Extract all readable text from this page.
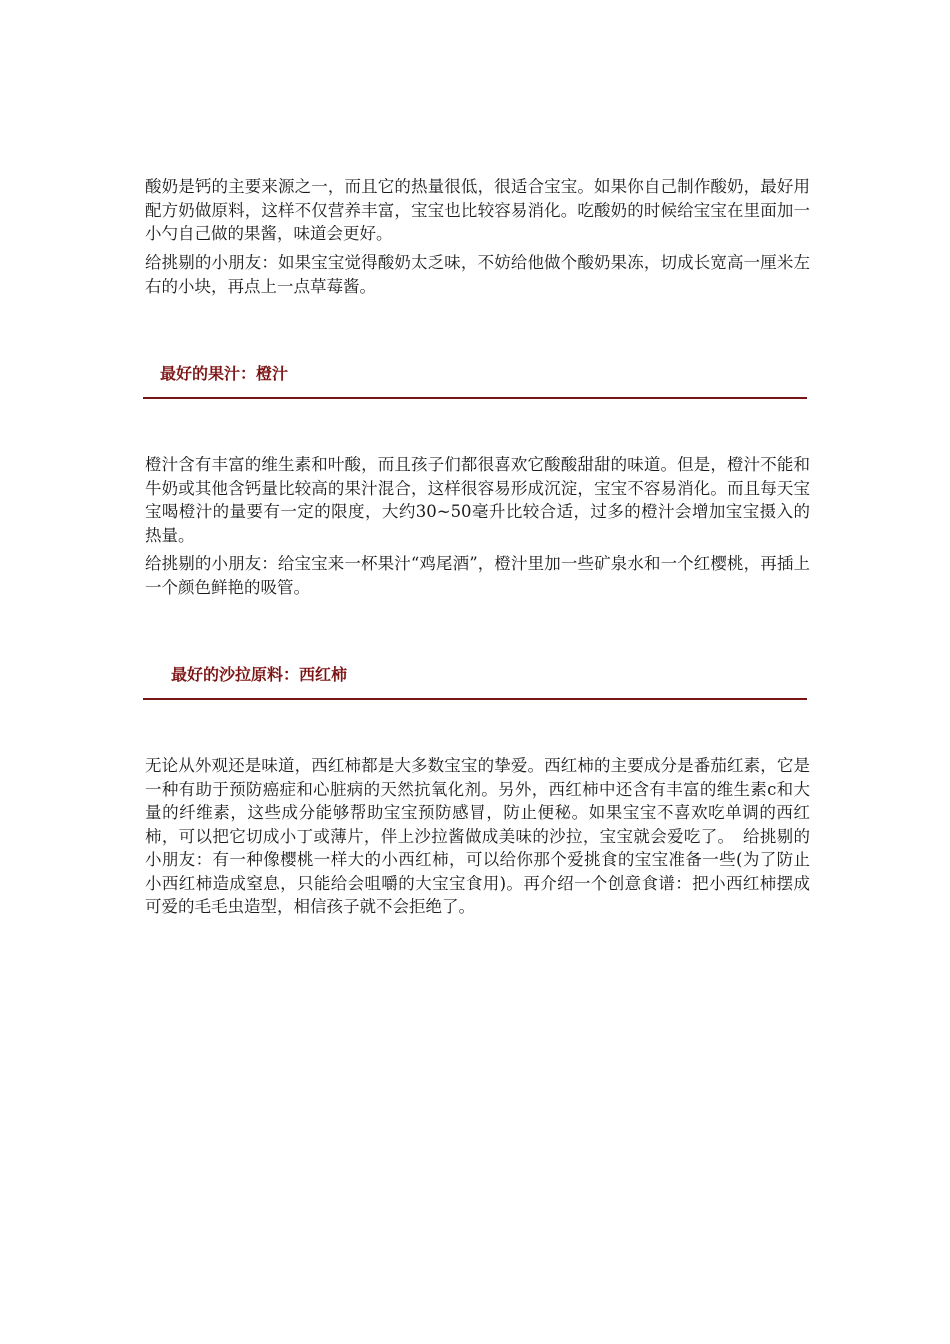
酸奶是钙的主要来源之一，而且它的热量很低，很适合宝宝。如果你自己制作酸奶，最好用配方奶做原料，这样不仅营养丰富，宝宝也比较容易消化。吃酸奶的时候给宝宝在里面加一小勺自己做的果酱，味道会更好。

给挑剔的小朋友：如果宝宝觉得酸奶太乏味，不妨给他做个酸奶果冻，切成长宽高一厘米左右的小块，再点上一点草莓酱。

最好的果汁：橙汁

橙汁含有丰富的维生素和叶酸，而且孩子们都很喜欢它酸酸甜甜的味道。但是，橙汁不能和牛奶或其他含钙量比较高的果汁混合，这样很容易形成沉淀，宝宝不容易消化。而且每天宝宝喝橙汁的量要有一定的限度，大约30~50毫升比较合适，过多的橙汁会增加宝宝摄入的热量。

给挑剔的小朋友：给宝宝来一杯果汁“鸡尾酒”，橙汁里加一些矿泉水和一个红樱桃，再插上一个颜色鲜艳的吸管。

最好的沙拉原料：西红柿

无论从外观还是味道，西红柿都是大多数宝宝的挚爱。西红柿的主要成分是番茄红素，它是一种有助于预防癌症和心脏病的天然抗氧化剂。另外，西红柿中还含有丰富的维生素c和大量的纤维素，这些成分能够帮助宝宝预防感冒，防止便秘。如果宝宝不喜欢吃单调的西红柿，可以把它切成小丁或薄片，伴上沙拉酱做成美味的沙拉，宝宝就会爱吃了。　给挑剔的小朋友：有一种像樱桃一样大的小西红柿，可以给你那个爱挑食的宝宝准备一些(为了防止小西红柿造成窒息，只能给会咀嚼的大宝宝食用)。再介绍一个创意食谱：把小西红柿摆成可爱的毛毛虫造型，相信孩子就不会拒绝了。
